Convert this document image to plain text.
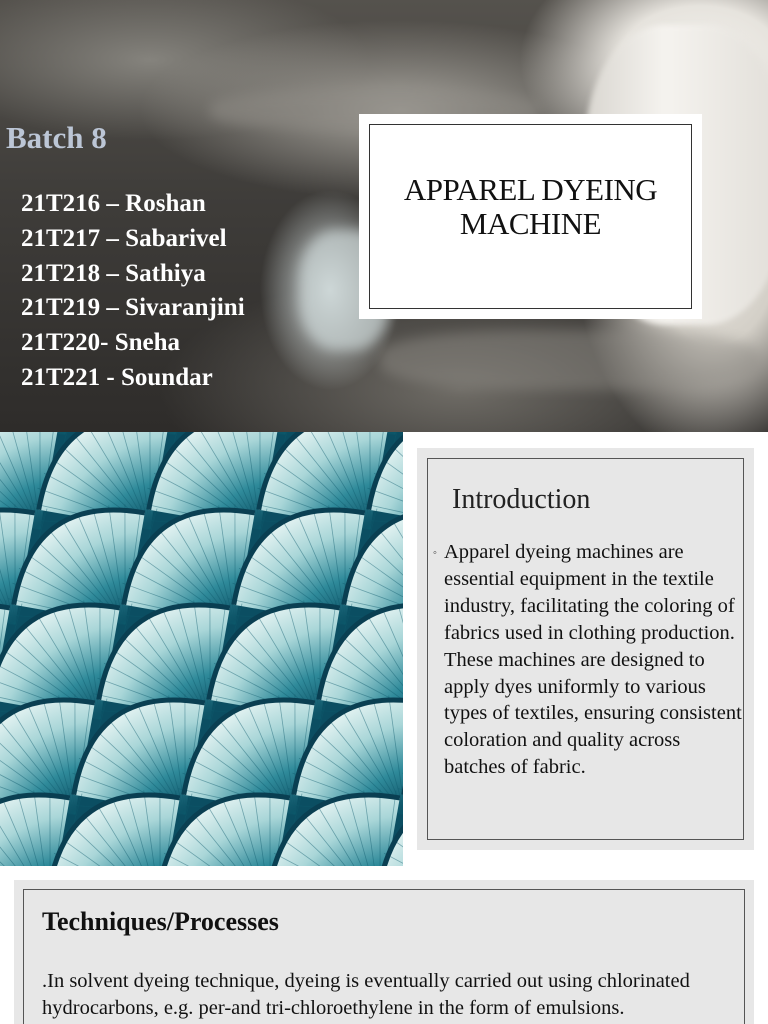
Batch 8
21T216 – Roshan
21T217 – Sabarivel
21T218 – Sathiya
21T219 – Sivaranjini
21T220- Sneha
21T221 - Soundar
APPAREL DYEING
MACHINE
Introduction
◦ Apparel dyeing machines are essential equipment in the textile industry, facilitating the coloring of fabrics used in clothing production. These machines are designed to apply dyes uniformly to various types of textiles, ensuring consistent coloration and quality across batches of fabric.
Techniques/Processes
.In solvent dyeing technique, dyeing is eventually carried out using chlorinated hydrocarbons, e.g. per-and tri-chloroethylene in the form of emulsions.
